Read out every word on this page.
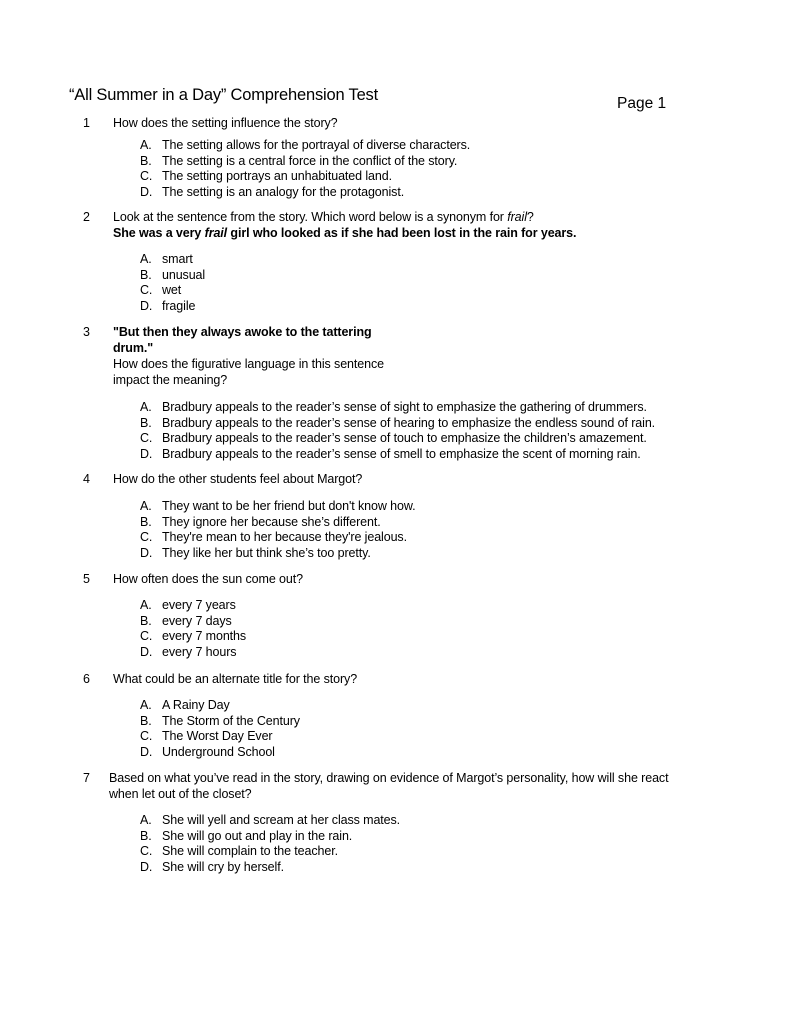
“All Summer in a Day” Comprehension Test	Page 1
1 How does the setting influence the story?
A. The setting allows for the portrayal of diverse characters.
B. The setting is a central force in the conflict of the story.
C. The setting portrays an unhabituated land.
D. The setting is an analogy for the protagonist.
2 Look at the sentence from the story. Which word below is a synonym for frail?
She was a very frail girl who looked as if she had been lost in the rain for years.
A. smart
B. unusual
C. wet
D. fragile
3 "But then they always awoke to the tattering drum."
How does the figurative language in this sentence impact the meaning?
A. Bradbury appeals to the reader’s sense of sight to emphasize the gathering of drummers.
B. Bradbury appeals to the reader’s sense of hearing to emphasize the endless sound of rain.
C. Bradbury appeals to the reader’s sense of touch to emphasize the children’s amazement.
D. Bradbury appeals to the reader’s sense of smell to emphasize the scent of morning rain.
4 How do the other students feel about Margot?
A. They want to be her friend but don't know how.
B. They ignore her because she’s different.
C. They're mean to her because they're jealous.
D. They like her but think she’s too pretty.
5 How often does the sun come out?
A. every 7 years
B. every 7 days
C. every 7 months
D. every 7 hours
6 What could be an alternate title for the story?
A. A Rainy Day
B. The Storm of the Century
C. The Worst Day Ever
D. Underground School
7 Based on what you’ve read in the story, drawing on evidence of Margot’s personality, how will she react when let out of the closet?
A. She will yell and scream at her class mates.
B. She will go out and play in the rain.
C. She will complain to the teacher.
D. She will cry by herself.
